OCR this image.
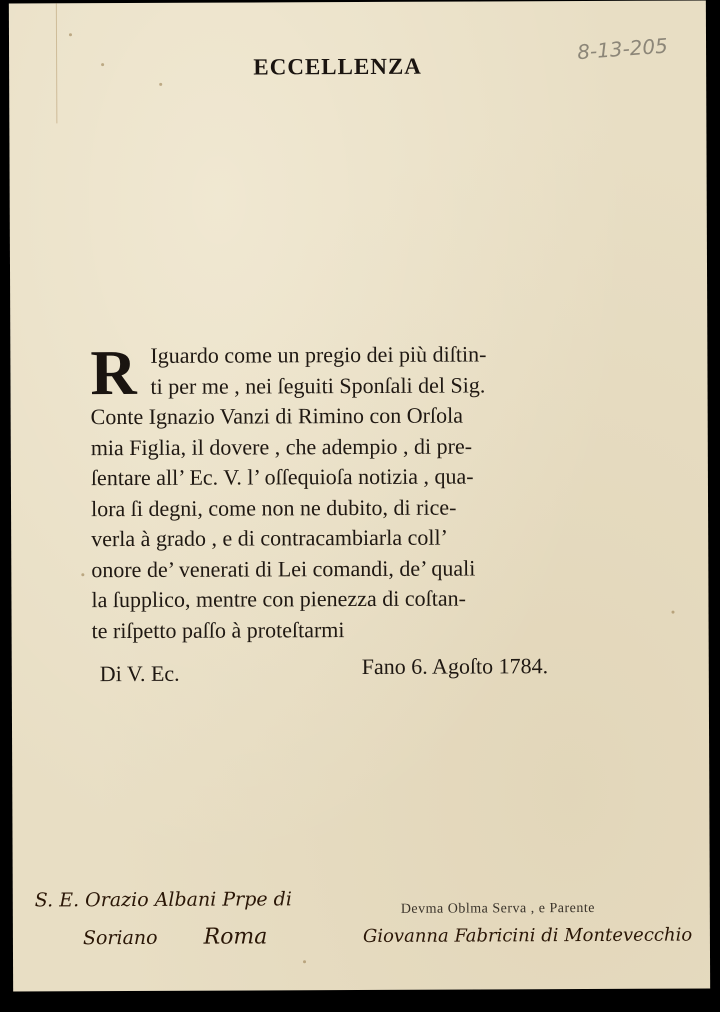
ECCELLENZA
8-13-205
R Iguardo come un pregio dei più diſtin-
ti per me , nei ſeguiti Sponſali del Sig.
Conte Ignazio Vanzi di Rimino con Orſola
mia Figlia, il dovere , che adempio , di pre-
ſentare all’ Ec. V. l’ oſſequioſa notizia , qua-
lora ſi degni, come non ne dubito, di rice-
verla à grado , e di contracambiarla coll’
onore de’ venerati di Lei comandi, de’ quali
la ſupplico, mentre con pienezza di coſtan-
te riſpetto paſſo à proteſtarmi
Di V. Ec.	Fano 6. Agoſto 1784.
S. E. Orazio Albani Prpe di
Soriano Roma
Devma Oblma Serva , e Parente
Giovanna Fabricini di Montevecchio
